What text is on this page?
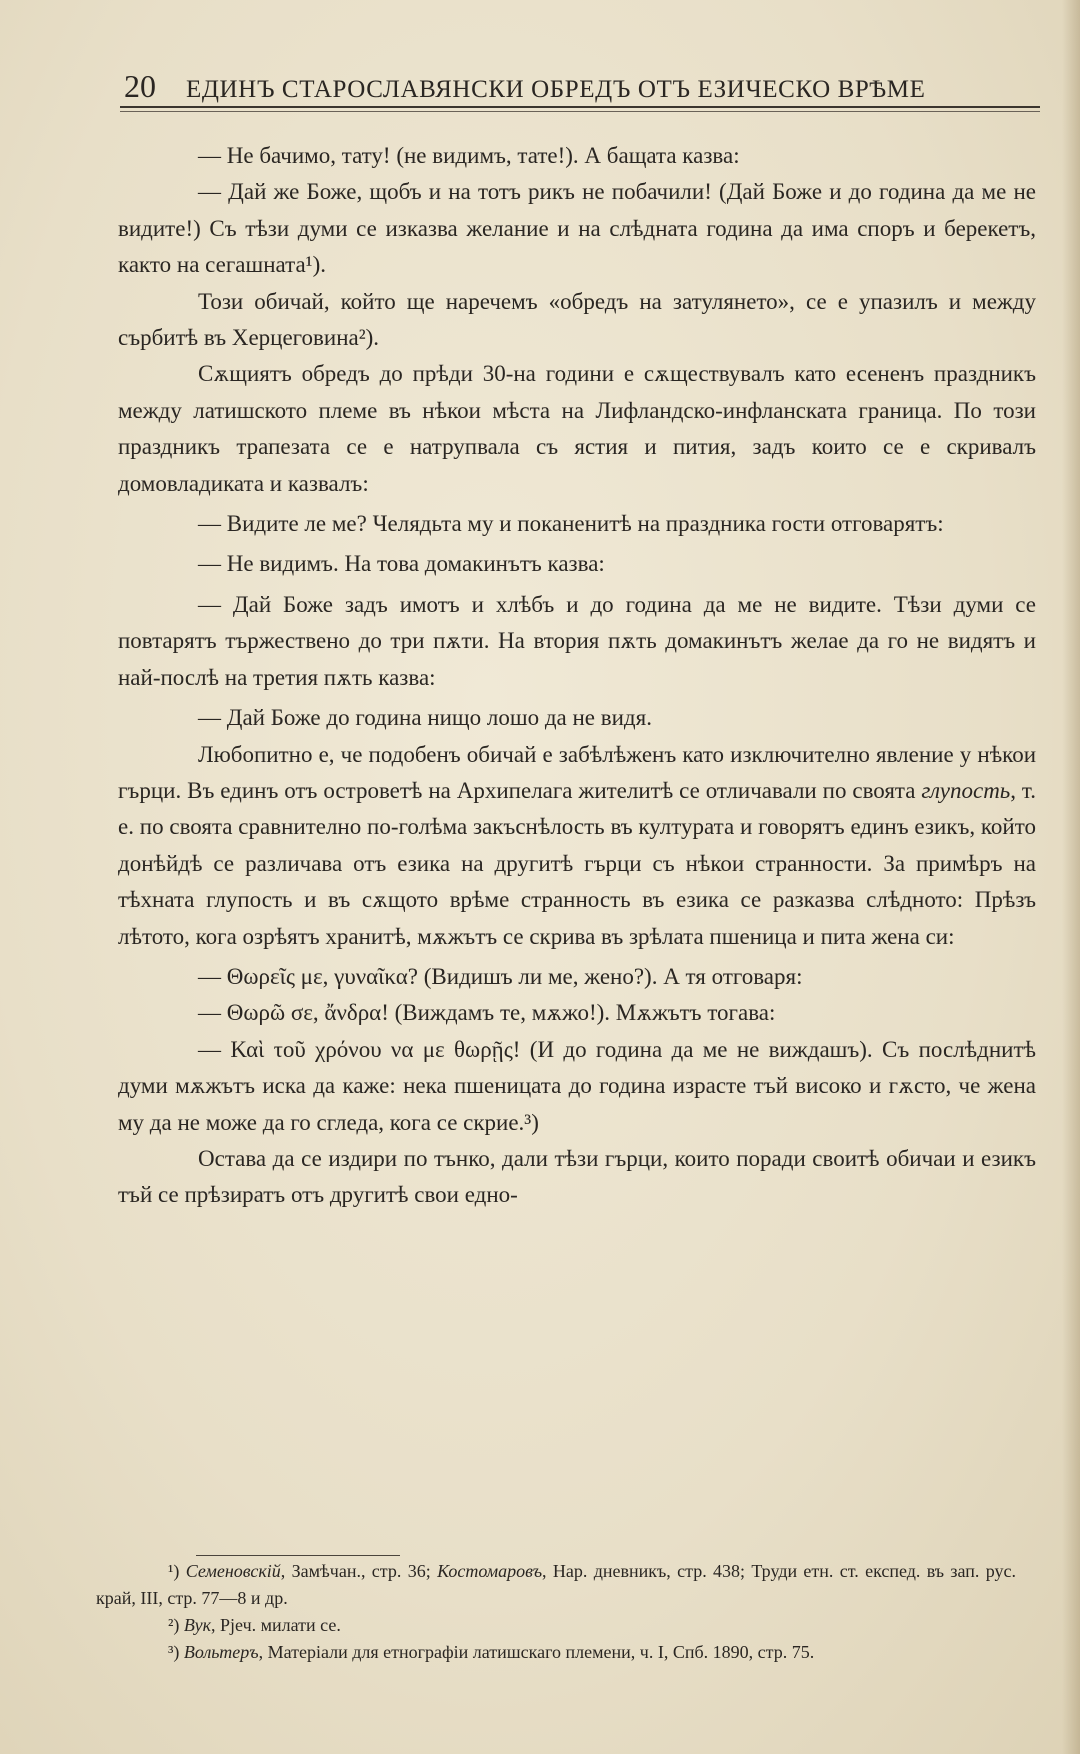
20 ЕДИНЪ СТАРОСЛАВЯНСКИ ОБРЕДЪ ОТЪ ЕЗИЧЕСКО ВРѢМЕ

— Не бачимо, тату! (не видимъ, тате!). А бащата казва:

— Дай же Боже, щобъ и на тотъ рикъ не побачили! (Дай Боже и до година да ме не видите!) Съ тѣзи думи се изказва желание и на слѣдната година да има споръ и берекетъ, както на сегашната¹).

Този обичай, който ще наречемъ «обредъ на затулянето», се е упазилъ и между сърбитѣ въ Херцеговина²).

Сѫщиятъ обредъ до прѣди 30-на години е сѫществувалъ като есененъ праздникъ между латишското племе въ нѣкои мѣста на Лифландско-инфланската граница. По този праздникъ трапезата се е натрупвала съ ястия и пития, задъ които се е скривалъ домовладиката и казвалъ:

— Видите ле ме? Челядьта му и поканенитѣ на праздника гости отговарятъ:

— Не видимъ. На това домакинътъ казва:

— Дай Боже задъ имотъ и хлѣбъ и до година да ме не видите. Тѣзи думи се повтарятъ тържествено до три пѫти. На втория пѫть домакинътъ желае да го не видятъ и най-послѣ на третия пѫть казва:

— Дай Боже до година нищо лошо да не видя.

Любопитно е, че подобенъ обичай е забѣлѣженъ като изключително явление у нѣкои гърци. Въ единъ отъ островетѣ на Архипелага жителитѣ се отличавали по своята глупость, т. е. по своята сравнително по-голѣма закъснѣлость въ културата и говорятъ единъ езикъ, който донѣйдѣ се различава отъ езика на другитѣ гърци съ нѣкои странности. За примѣръ на тѣхната глупость и въ сѫщото врѣме странность въ езика се разказва слѣдното: Прѣзъ лѣтото, кога озрѣятъ хранитѣ, мѫжътъ се скрива въ зрѣлата пшеница и пита жена си:

— Θωρεῖς με, γυναῖκα? (Видишъ ли ме, жено?). А тя отговаря:

— Θωρῶ σε, ἄνδρα! (Виждамъ те, мѫжо!). Мѫжътъ тогава:

— Καὶ τοῦ χρόνου να με θωρῇς! (И до година да ме не виждашъ). Съ послѣднитѣ думи мѫжътъ иска да каже: нека пшеницата до година израсте тъй високо и гѫсто, че жена му да не може да го сгледа, кога се скрие.³)

Остава да се издири по тънко, дали тѣзи гърци, които поради своитѣ обичаи и езикъ тъй се прѣзиратъ отъ другитѣ свои едно-

¹) Семеновскій, Замѣчан., стр. 36; Костомаровъ, Нар. дневникъ, стр. 438; Труди етн. ст. експед. въ зап. рус. край, III, стр. 77—8 и др.

²) Вук, Рјеч. милати се.

³) Вольтеръ, Матеріали для етнографіи латишскаго племени, ч. I, Спб. 1890, стр. 75.
